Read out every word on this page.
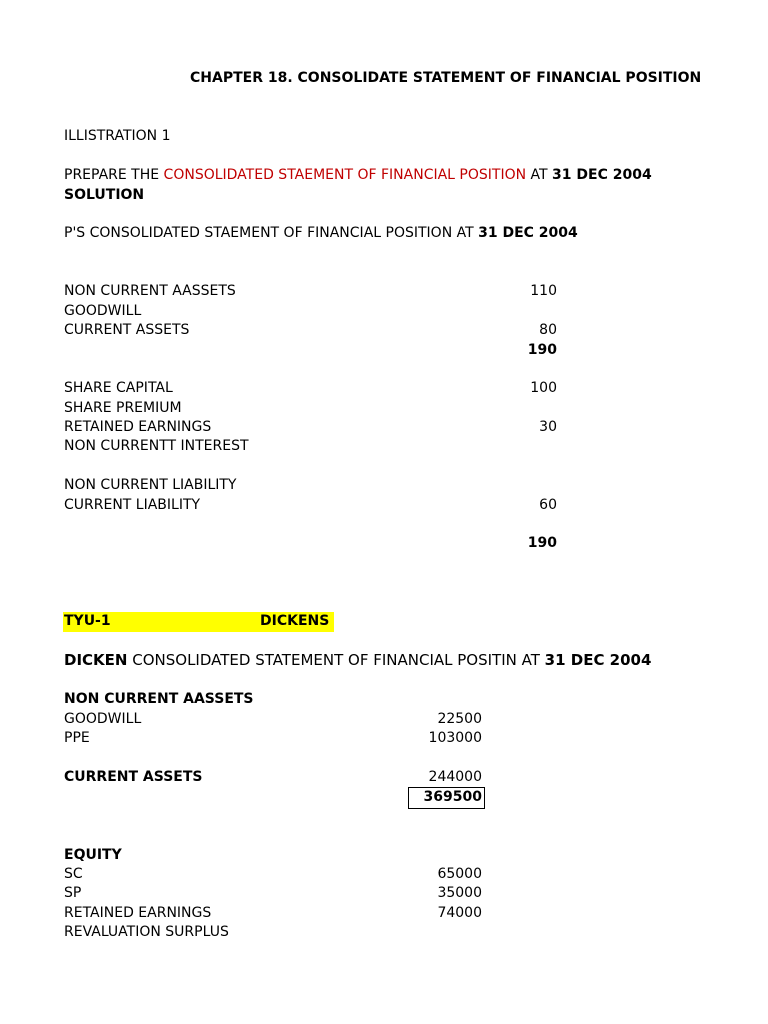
CHAPTER 18. CONSOLIDATE STATEMENT OF FINANCIAL POSITION
ILLISTRATION 1
PREPARE THE CONSOLIDATED STAEMENT OF FINANCIAL POSITION AT 31 DEC 2004
SOLUTION
P'S CONSOLIDATED STAEMENT OF FINANCIAL POSITION AT 31 DEC 2004
NON CURRENT AASSETS	110
GOODWILL
CURRENT ASSETS	80
190
SHARE CAPITAL	100
SHARE PREMIUM
RETAINED EARNINGS	30
NON CURRENTT INTEREST
NON CURRENT LIABILITY
CURRENT LIABILITY	60
190
TYU-1	DICKENS
DICKEN CONSOLIDATED STATEMENT OF FINANCIAL POSITIN AT 31 DEC 2004
NON CURRENT AASSETS
GOODWILL	22500
PPE	103000
CURRENT ASSETS	244000
369500
EQUITY
SC	65000
SP	35000
RETAINED EARNINGS	74000
REVALUATION SURPLUS
